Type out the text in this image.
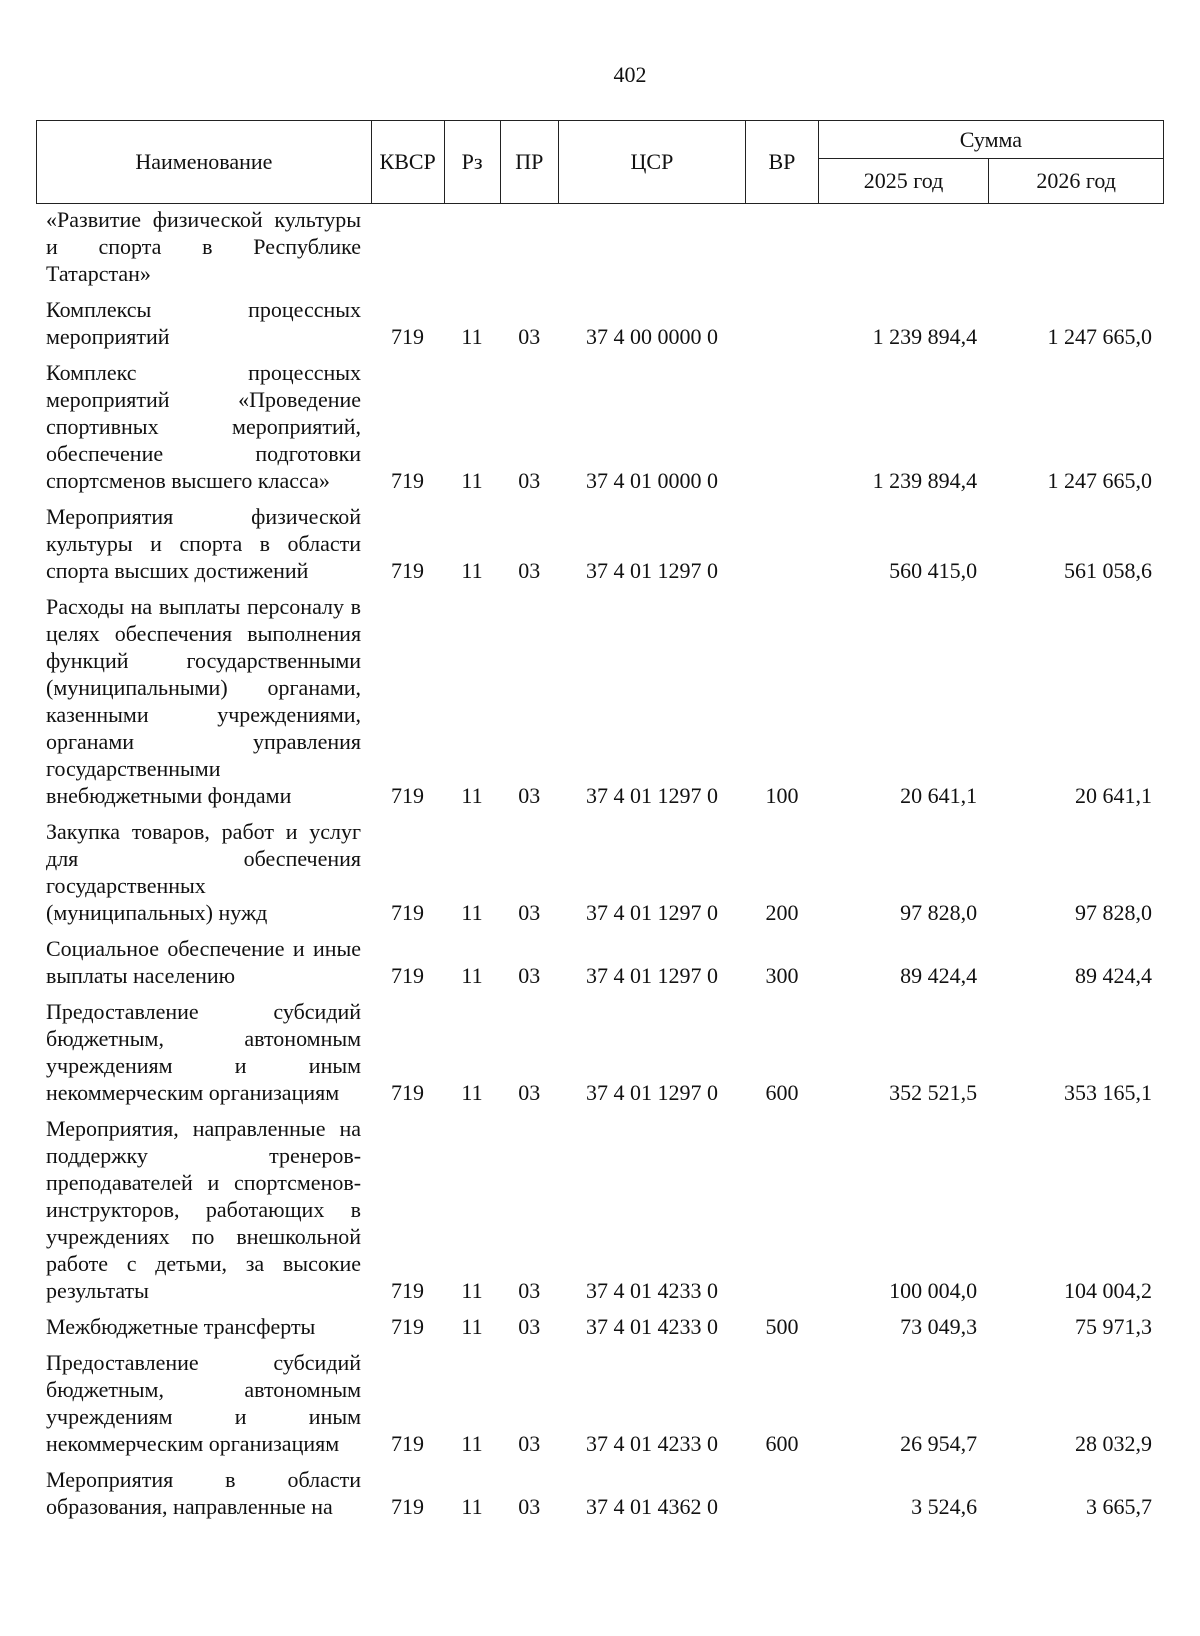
402
Наименование	КВСР	Рз	ПР	ЦСР	ВР	Сумма	
						2025 год	2026 год
«Развитие физической культуры и спорта в Республике Татарстан»							
Комплексы процессных мероприятий	719	11	03	37 4 00 0000 0		1 239 894,4	1 247 665,0
Комплекс процессных мероприятий «Проведение спортивных мероприятий, обеспечение подготовки спортсменов высшего класса»	719	11	03	37 4 01 0000 0		1 239 894,4	1 247 665,0
Мероприятия физической культуры и спорта в области спорта высших достижений	719	11	03	37 4 01 1297 0		560 415,0	561 058,6
Расходы на выплаты персоналу в целях обеспечения выполнения функций государственными (муниципальными) органами, казенными учреждениями, органами управления государственными внебюджетными фондами	719	11	03	37 4 01 1297 0	100	20 641,1	20 641,1
Закупка товаров, работ и услуг для обеспечения государственных (муниципальных) нужд	719	11	03	37 4 01 1297 0	200	97 828,0	97 828,0
Социальное обеспечение и иные выплаты населению	719	11	03	37 4 01 1297 0	300	89 424,4	89 424,4
Предоставление субсидий бюджетным, автономным учреждениям и иным некоммерческим организациям	719	11	03	37 4 01 1297 0	600	352 521,5	353 165,1
Мероприятия, направленные на поддержку тренеров-преподавателей и спортсменов-инструкторов, работающих в учреждениях по внешкольной работе с детьми, за высокие результаты	719	11	03	37 4 01 4233 0		100 004,0	104 004,2
Межбюджетные трансферты	719	11	03	37 4 01 4233 0	500	73 049,3	75 971,3
Предоставление субсидий бюджетным, автономным учреждениям и иным некоммерческим организациям	719	11	03	37 4 01 4233 0	600	26 954,7	28 032,9
Мероприятия в области образования, направленные на	719	11	03	37 4 01 4362 0		3 524,6	3 665,7
